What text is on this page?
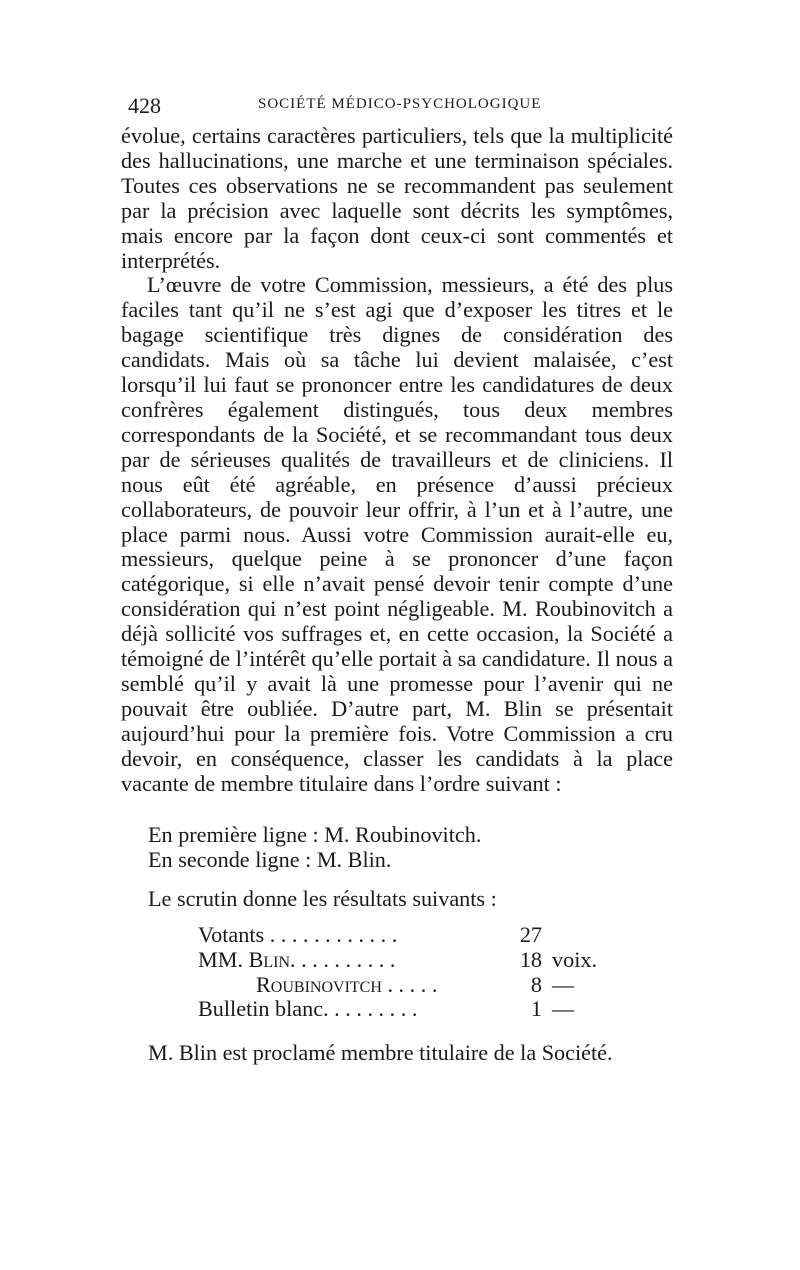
428	SOCIÉTÉ MÉDICO-PSYCHOLOGIQUE

évolue, certains caractères particuliers, tels que la multiplicité des hallucinations, une marche et une terminaison spéciales. Toutes ces observations ne se recommandent pas seulement par la précision avec laquelle sont décrits les symptômes, mais encore par la façon dont ceux-ci sont commentés et interprétés.

L’œuvre de votre Commission, messieurs, a été des plus faciles tant qu’il ne s’est agi que d’exposer les titres et le bagage scientifique très dignes de considération des candidats. Mais où sa tâche lui devient malaisée, c’est lorsqu’il lui faut se prononcer entre les candidatures de deux confrères également distingués, tous deux membres correspondants de la Société, et se recommandant tous deux par de sérieuses qualités de travailleurs et de cliniciens. Il nous eût été agréable, en présence d’aussi précieux collaborateurs, de pouvoir leur offrir, à l’un et à l’autre, une place parmi nous. Aussi votre Commission aurait-elle eu, messieurs, quelque peine à se prononcer d’une façon catégorique, si elle n’avait pensé devoir tenir compte d’une considération qui n’est point négligeable. M. Roubinovitch a déjà sollicité vos suffrages et, en cette occasion, la Société a témoigné de l’intérêt qu’elle portait à sa candidature. Il nous a semblé qu’il y avait là une promesse pour l’avenir qui ne pouvait être oubliée. D’autre part, M. Blin se présentait aujourd’hui pour la première fois. Votre Commission a cru devoir, en conséquence, classer les candidats à la place vacante de membre titulaire dans l’ordre suivant :

En première ligne : M. Roubinovitch.
En seconde ligne : M. Blin.
Le scrutin donne les résultats suivants :
Votants . . . . . . . . . . . .	27
MM. Blin. . . . . . . . . .	18 voix.
Roubinovitch . . . . .	8 —
Bulletin blanc. . . . . . . . .	1 —
M. Blin est proclamé membre titulaire de la Société.
